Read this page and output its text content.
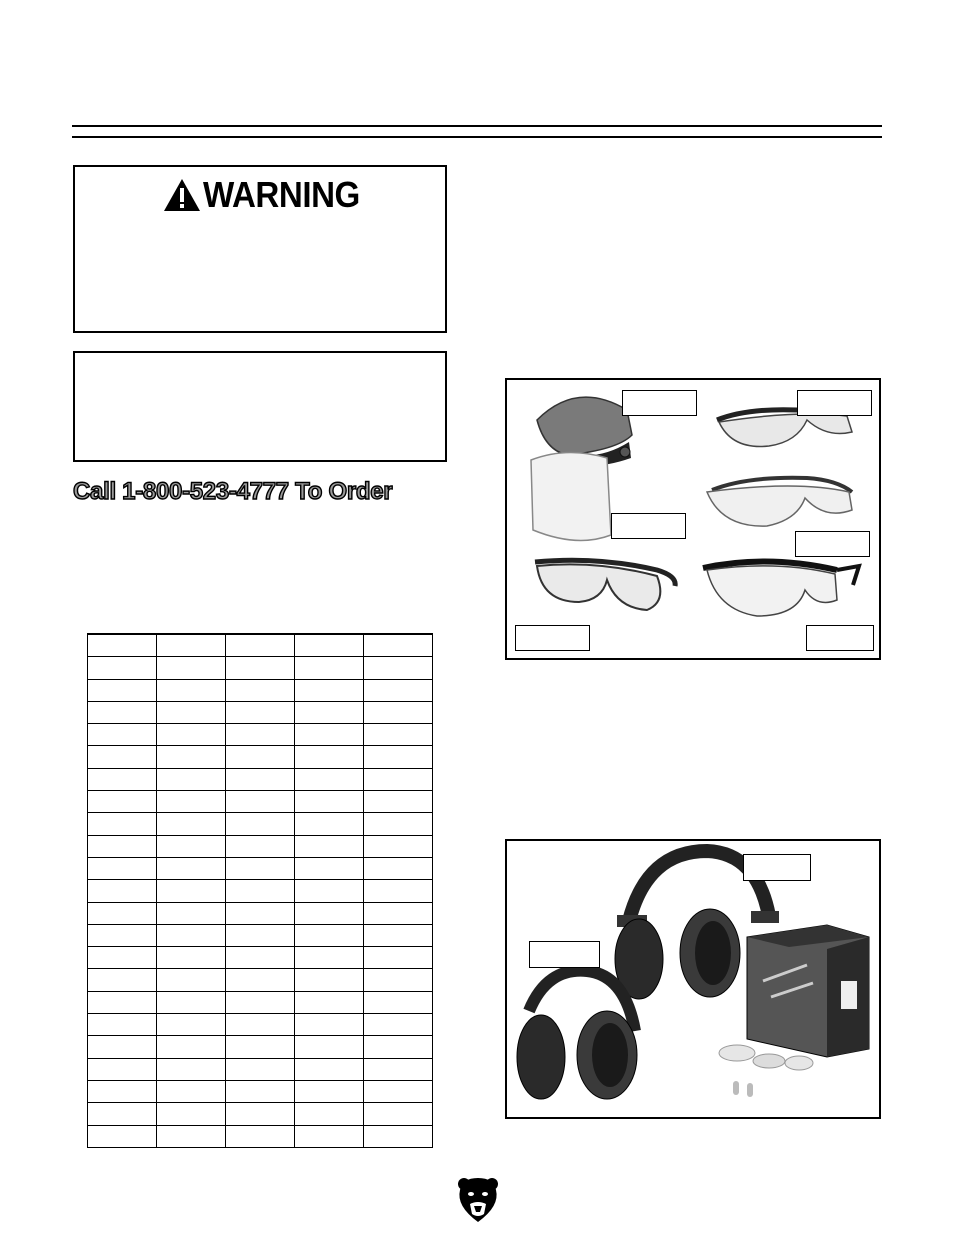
WARNING
Call 1-800-523-4777 To Order
